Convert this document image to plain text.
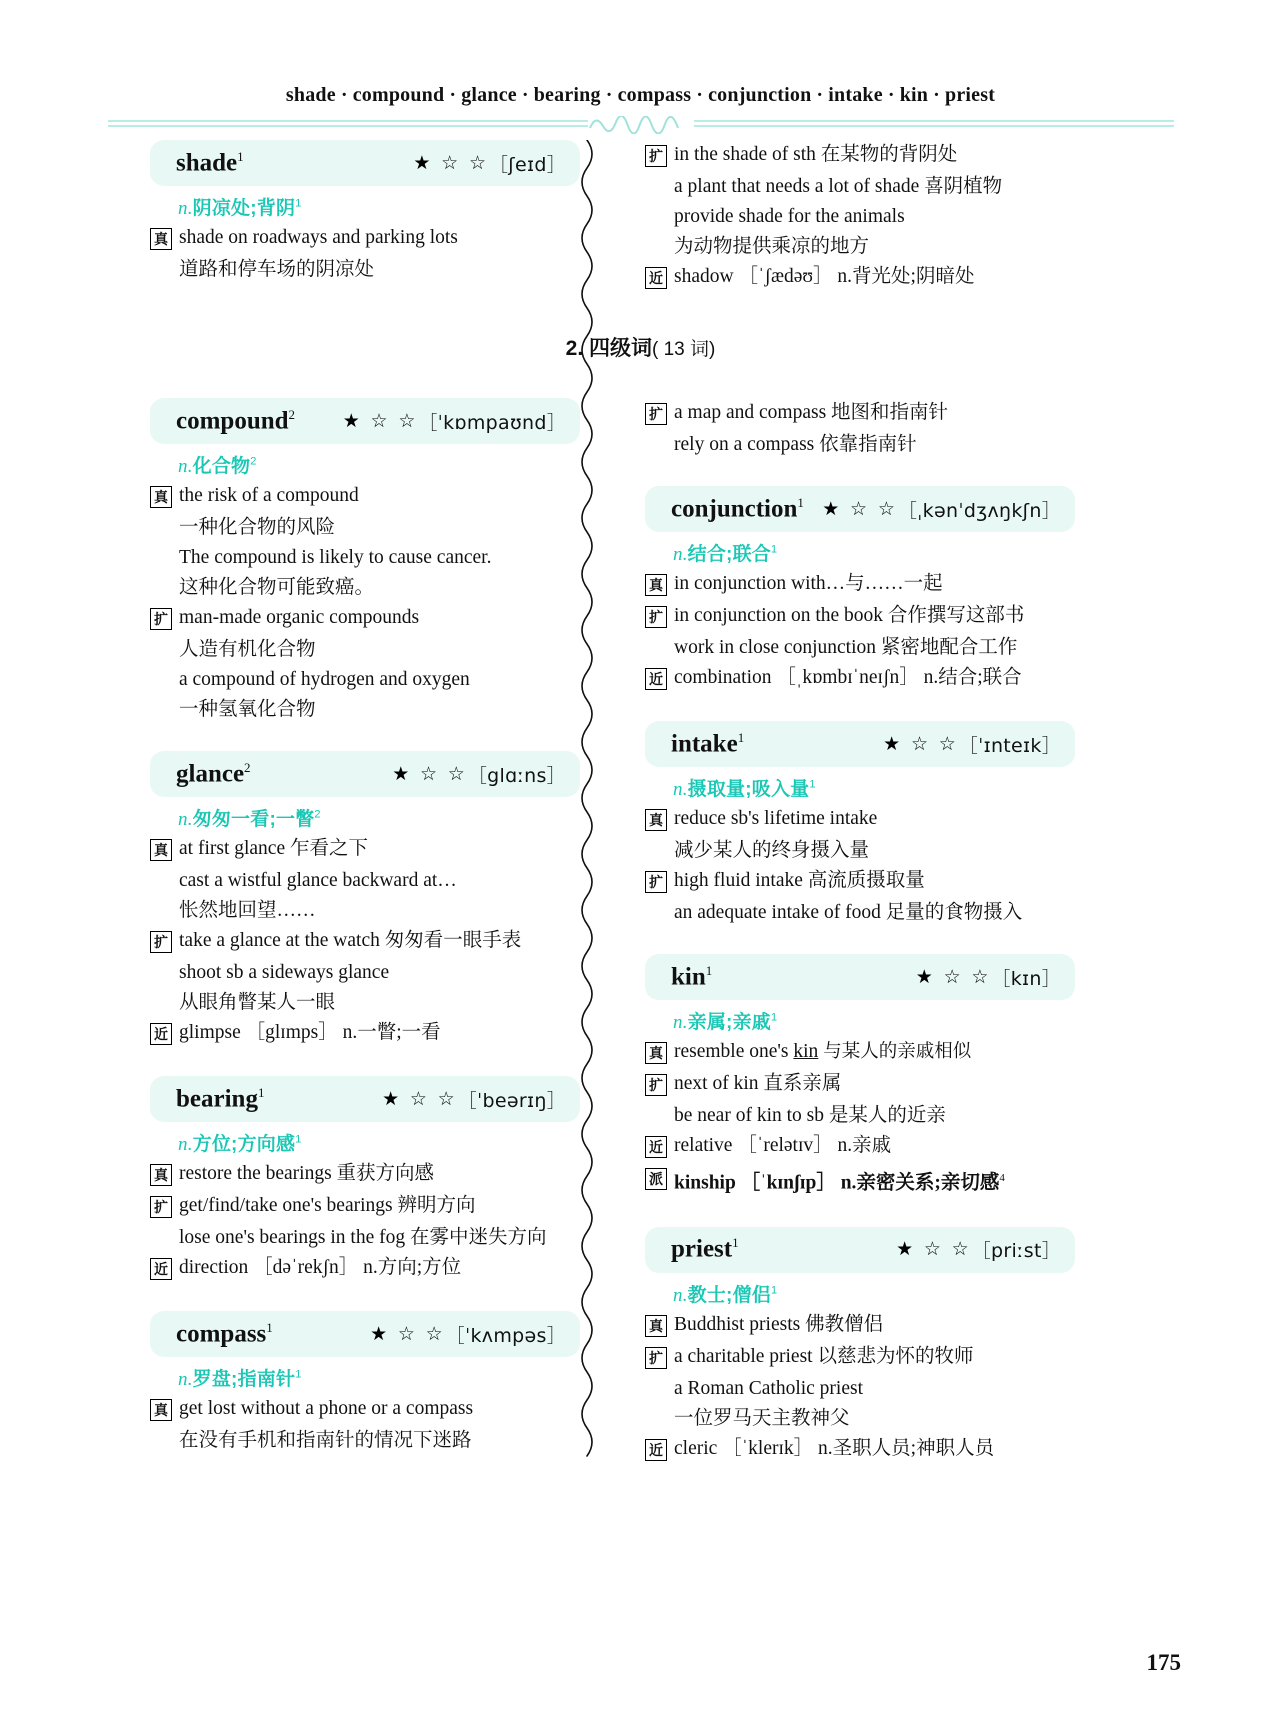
shade · compound · glance · bearing · compass · conjunction · intake · kin · priest
2. 四级词( 13 词)
shade$^1$	★ ☆ ☆ ［ʃeɪd］
n.阴凉处;背阴$^1$
真 shade on roadways and parking lots
道路和停车场的阴凉处
compound$^2$	★ ☆ ☆ ［ˈkɒmpaʊnd］
n.化合物$^2$
真 the risk of a compound
一种化合物的风险
The compound is likely to cause cancer.
这种化合物可能致癌。
扩 man-made organic compounds
人造有机化合物
a compound of hydrogen and oxygen
一种氢氧化合物
glance$^2$	★ ☆ ☆ ［glɑːns］
n.匆匆一看;一瞥$^2$
真 at first glance 乍看之下
cast a wistful glance backward at…
怅然地回望……
扩 take a glance at the watch 匆匆看一眼手表
shoot sb a sideways glance
从眼角瞥某人一眼
近 glimpse ［glɪmps］ n.一瞥;一看
bearing$^1$	★ ☆ ☆ ［ˈbeərɪŋ］
n.方位;方向感$^1$
真 restore the bearings 重获方向感
扩 get/find/take one's bearings 辨明方向
lose one's bearings in the fog 在雾中迷失方向
近 direction ［dəˈrekʃn］ n.方向;方位
compass$^1$	★ ☆ ☆ ［ˈkʌmpəs］
n.罗盘;指南针$^1$
真 get lost without a phone or a compass
在没有手机和指南针的情况下迷路
扩 in the shade of sth 在某物的背阴处
a plant that needs a lot of shade 喜阴植物
provide shade for the animals
为动物提供乘凉的地方
近 shadow ［ˈʃædəʊ］ n.背光处;阴暗处
扩 a map and compass 地图和指南针
rely on a compass 依靠指南针
conjunction$^1$ ★ ☆ ☆ ［ˌkənˈdʒʌŋkʃn］
n.结合;联合$^1$
真 in conjunction with…与……一起
扩 in conjunction on the book 合作撰写这部书
work in close conjunction 紧密地配合工作
近 combination ［ˌkɒmbɪˈneɪʃn］ n.结合;联合
intake$^1$	★ ☆ ☆ ［ˈɪnteɪk］
n.摄取量;吸入量$^1$
真 reduce sb's lifetime intake
减少某人的终身摄入量
扩 high fluid intake 高流质摄取量
an adequate intake of food 足量的食物摄入
kin$^1$	★ ☆ ☆ ［kɪn］
n.亲属;亲戚$^1$
真 resemble one's kin 与某人的亲戚相似
扩 next of kin 直系亲属
be near of kin to sb 是某人的近亲
近 relative ［ˈrelətɪv］ n.亲戚
派 kinship ［ˈkɪnʃɪp］ n.亲密关系;亲切感$^4$
priest$^1$	★ ☆ ☆ ［priːst］
n.教士;僧侣$^1$
真 Buddhist priests 佛教僧侣
扩 a charitable priest 以慈悲为怀的牧师
a Roman Catholic priest
一位罗马天主教神父
近 cleric ［ˈklerɪk］ n.圣职人员;神职人员
175
